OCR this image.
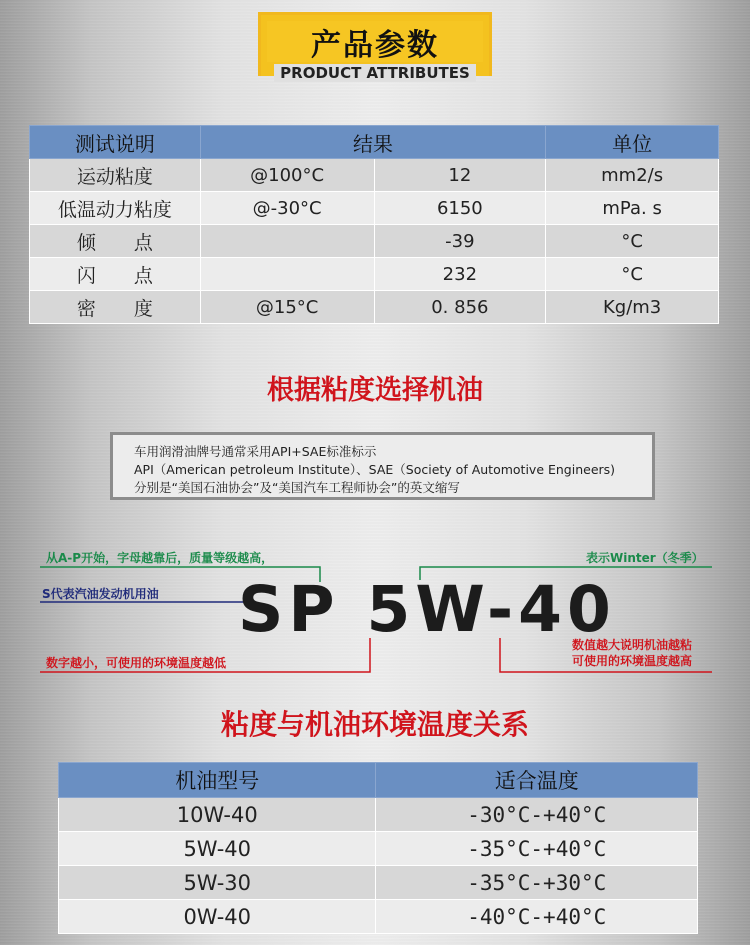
产品参数
PRODUCT ATTRIBUTES
测试说明	结果		单位
运动粘度	@100°C	12	mm2/s
低温动力粘度	@-30°C	6150	mPa. s
倾　　点		-39	°C
闪　　点		232	°C
密　　度	@15°C	0. 856	Kg/m3
根据粘度选择机油
车用润滑油牌号通常采用API+SAE标准标示
API（American petroleum Institute）、SAE（Society of Automotive Engineers)
分别是“美国石油协会”及“美国汽车工程师协会”的英文缩写
从A-P开始，字母越靠后，质量等级越高，
S代表汽油发动机用油
表示Winter（冬季）
数字越小，可使用的环境温度越低
数值越大说明机油越粘
可使用的环境温度越高
SP 5W-40
粘度与机油环境温度关系
机油型号	适合温度
10W-40	-30°C-+40°C
5W-40	-35°C-+40°C
5W-30	-35°C-+30°C
0W-40	-40°C-+40°C
